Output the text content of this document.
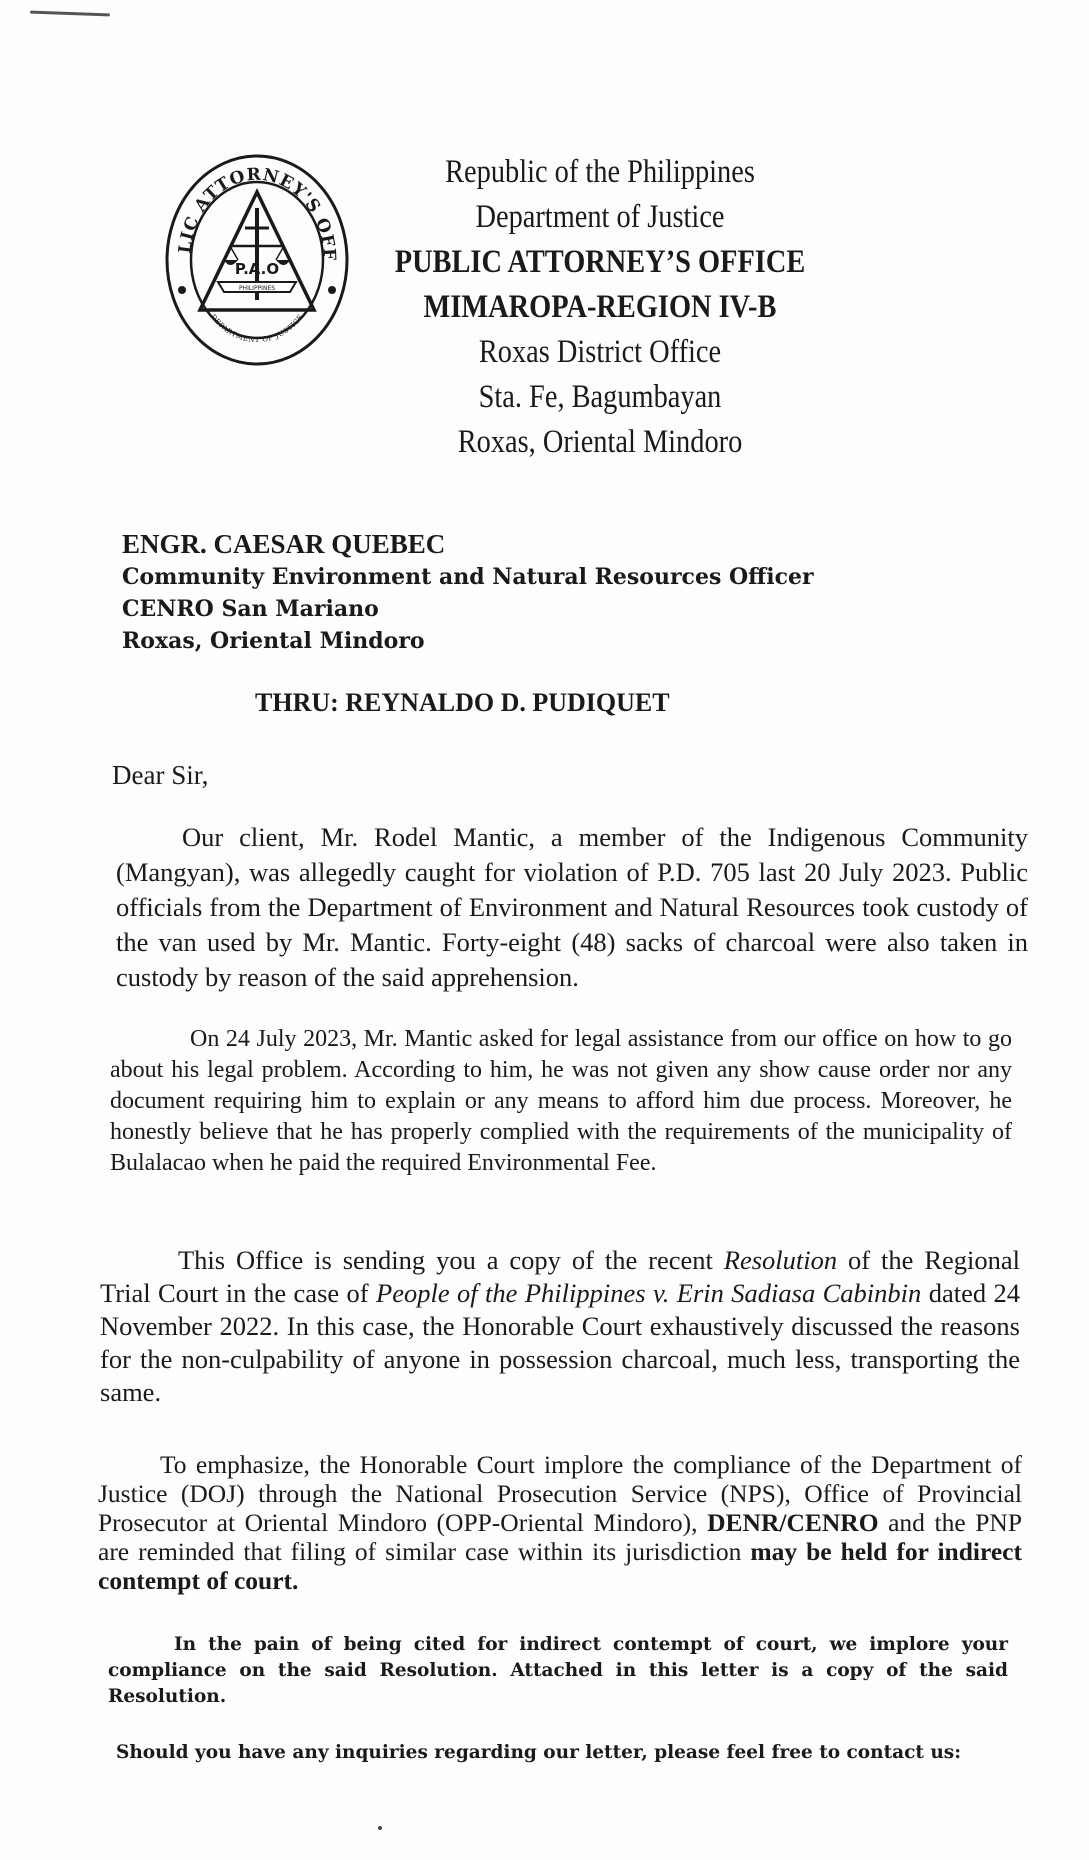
LIC ATTORNEY'S OFF
DEPARTMENT OF JUSTICE
P.A.O
PHILIPPINES
Republic of the Philippines
Department of Justice
PUBLIC ATTORNEY’S OFFICE
MIMAROPA-REGION IV-B
Roxas District Office
Sta. Fe, Bagumbayan
Roxas, Oriental Mindoro
ENGR. CAESAR QUEBEC
Community Environment and Natural Resources Officer
CENRO San Mariano
Roxas, Oriental Mindoro
THRU: REYNALDO D. PUDIQUET
Dear Sir,
Our client, Mr. Rodel Mantic, a member of the Indigenous Community (Mangyan), was allegedly caught for violation of P.D. 705 last 20 July 2023. Public officials from the Department of Environment and Natural Resources took custody of the van used by Mr. Mantic. Forty-eight (48) sacks of charcoal were also taken in custody by reason of the said apprehension.
On 24 July 2023, Mr. Mantic asked for legal assistance from our office on how to go about his legal problem. According to him, he was not given any show cause order nor any document requiring him to explain or any means to afford him due process. Moreover, he honestly believe that he has properly complied with the requirements of the municipality of Bulalacao when he paid the required Environmental Fee.
This Office is sending you a copy of the recent Resolution of the Regional Trial Court in the case of People of the Philippines v. Erin Sadiasa Cabinbin dated 24 November 2022. In this case, the Honorable Court exhaustively discussed the reasons for the non-culpability of anyone in possession charcoal, much less, transporting the same.
To emphasize, the Honorable Court implore the compliance of the Department of Justice (DOJ) through the National Prosecution Service (NPS), Office of Provincial Prosecutor at Oriental Mindoro (OPP-Oriental Mindoro), DENR/CENRO and the PNP are reminded that filing of similar case within its jurisdiction may be held for indirect contempt of court.
In the pain of being cited for indirect contempt of court, we implore your compliance on the said Resolution. Attached in this letter is a copy of the said Resolution.
Should you have any inquiries regarding our letter, please feel free to contact us:
